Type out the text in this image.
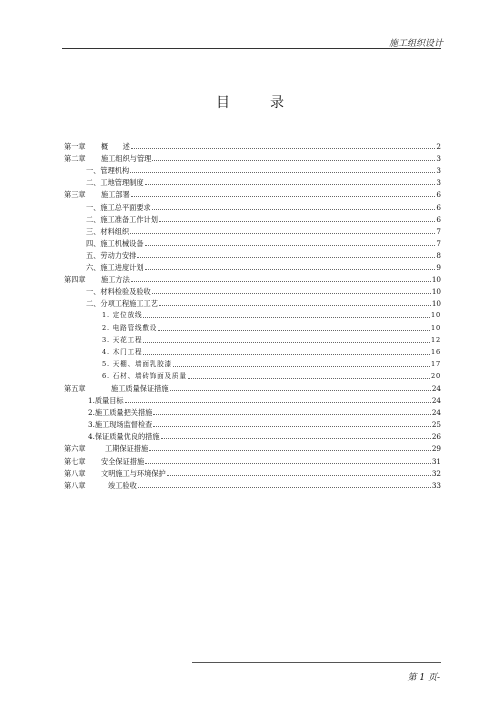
施工组织设计
目	录
第一章	概　　述	2
第二章	施工组织与管理	3
一、管理机构	3
二、工地管理制度	3
第三章	施工部署	6
一、施工总平面要求	6
二、施工准备工作计划	6
三、材料组织	7
四、施工机械设备	7
五、劳动力安排	8
六、施工进度计划	9
第四章	施工方法	10
一、材料检验及验收	10
二、分项工程施工工艺	10
1. 定位放线	10
2. 电路管线敷设	10
3. 天花工程	12
4. 木门工程	16
5. 天棚、墙面乳胶漆	17
6. 石材、墙砖饰面及质量	20
第五章	施工质量保证措施	24
1.质量目标	24
2.施工质量把关措施	24
3.施工现场监督检查	25
4.保证质量优良的措施	26
第六章	工期保证措施	29
第七章	安全保证措施	31
第八章	文明施工与环境保护	32
第八章	竣工验收	33
第 1 页-
